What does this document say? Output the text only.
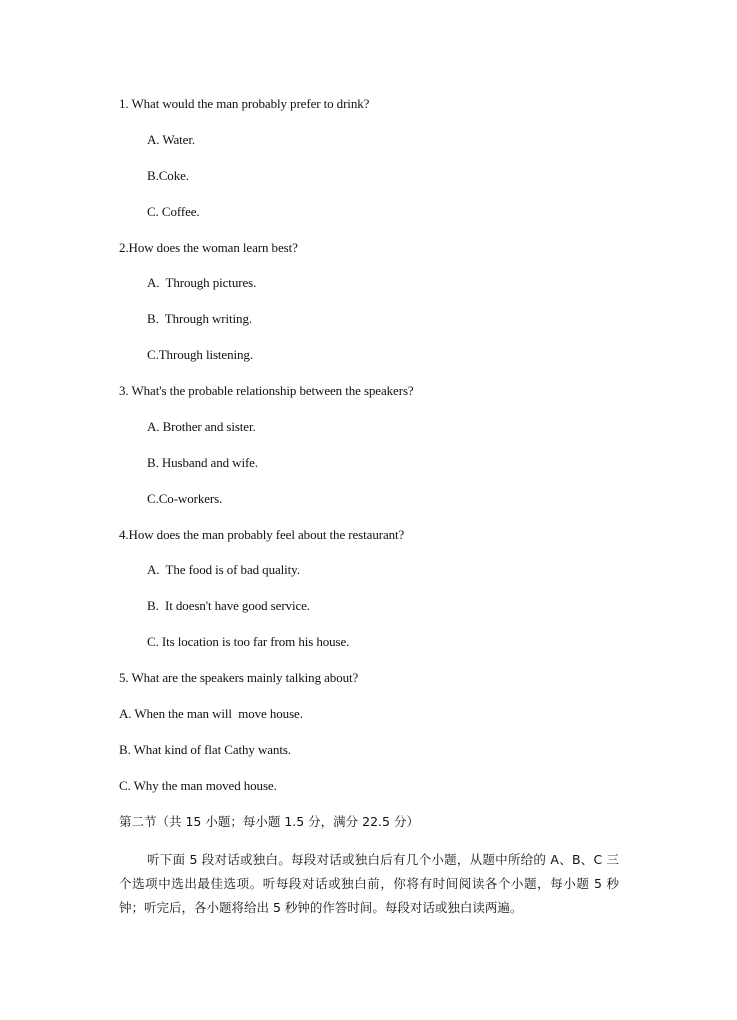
1. What would the man probably prefer to drink?
A. Water.
B.Coke.
C. Coffee.
2.How does the woman learn best?
A.  Through pictures.
B.  Through writing.
C.Through listening.
3. What's the probable relationship between the speakers?
A. Brother and sister.
B. Husband and wife.
C.Co-workers.
4.How does the man probably feel about the restaurant?
A.  The food is of bad quality.
B.  It doesn't have good service.
C. Its location is too far from his house.
5. What are the speakers mainly talking about?
A. When the man will  move house.
B. What kind of flat Cathy wants.
C. Why the man moved house.
第二节（共 15 小题；每小题 1.5 分，满分 22.5 分）

听下面 5 段对话或独白。每段对话或独白后有几个小题，从题中所给的 A、B、C 三个选项中选出最佳选项。听每段对话或独白前，你将有时间阅读各个小题，每小题 5 秒钟；听完后，各小题将给出 5 秒钟的作答时间。每段对话或独白读两遍。
